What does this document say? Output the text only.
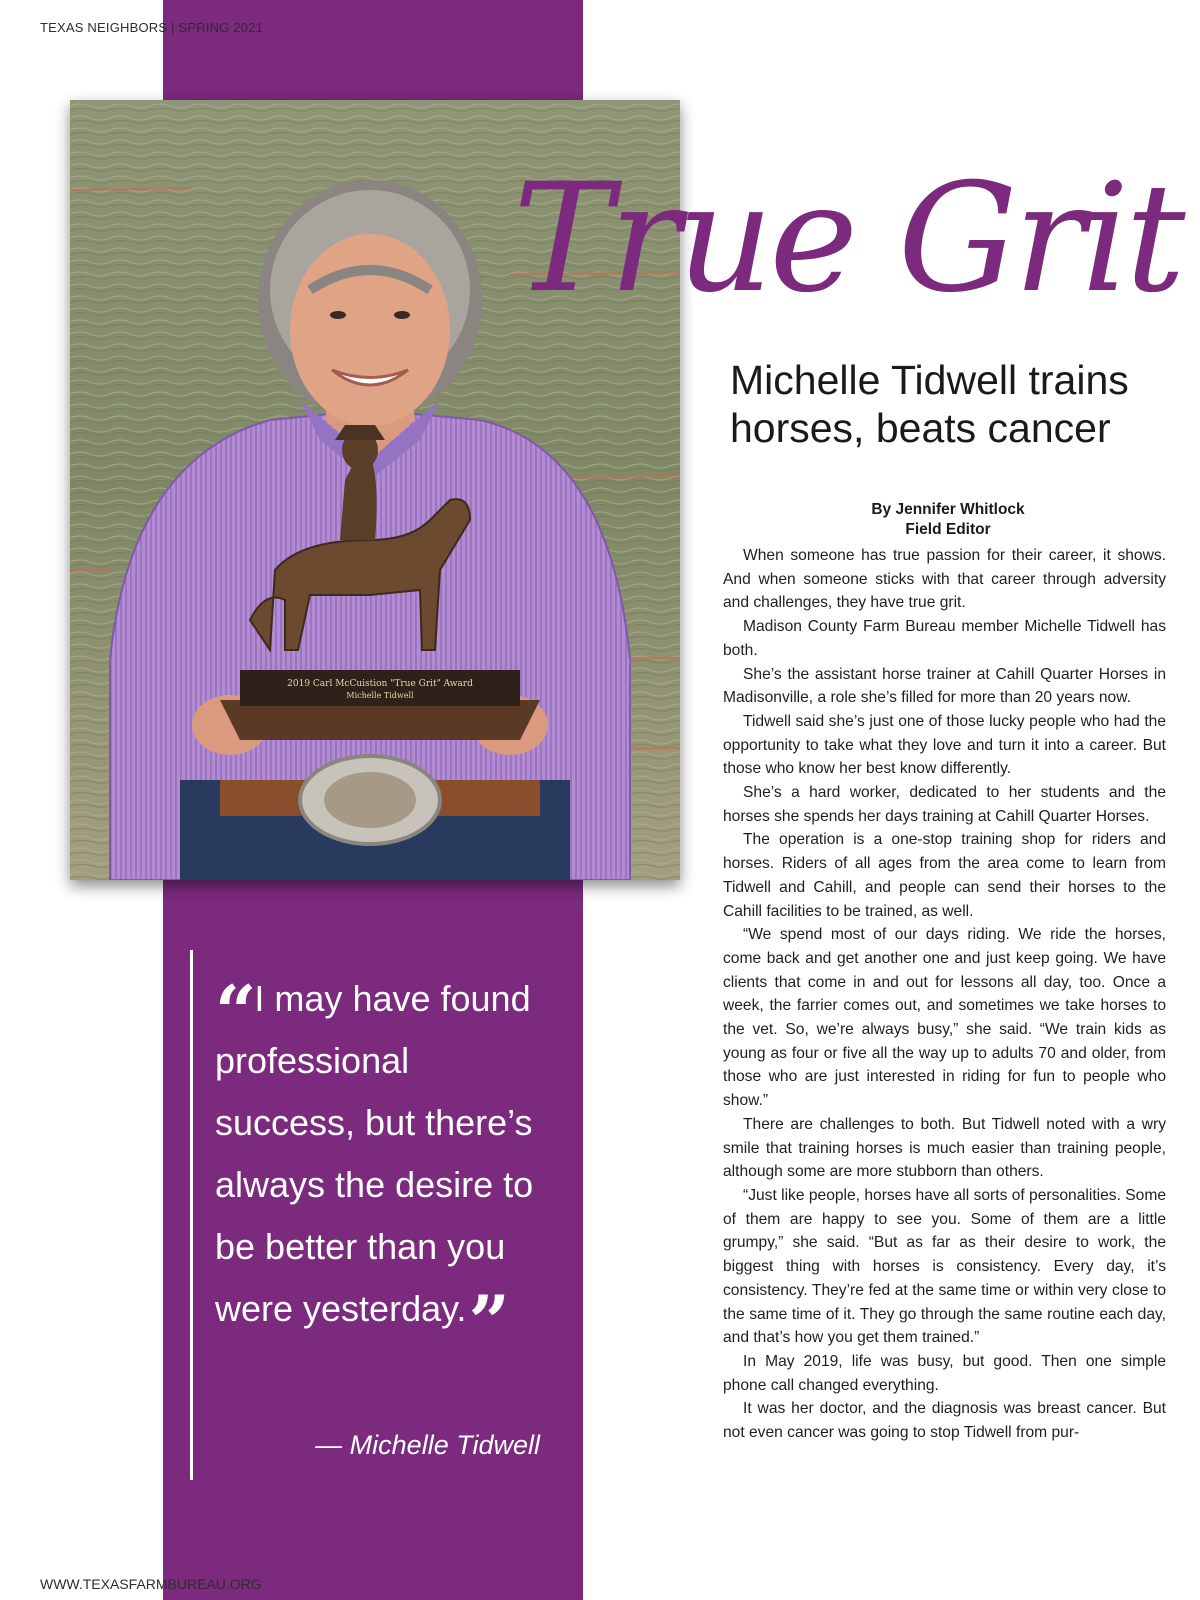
TEXAS NEIGHBORS | SPRING 2021
2019 Carl McCuistion "True Grit" Award
Michelle Tidwell
True Grit
Michelle Tidwell trains
horses, beats cancer
By Jennifer Whitlock
Field Editor

When someone has true passion for their career, it shows. And when someone sticks with that career through adversity and challenges, they have true grit.

Madison County Farm Bureau member Michelle Tidwell has both.

She’s the assistant horse trainer at Cahill Quarter Horses in Madisonville, a role she’s filled for more than 20 years now.

Tidwell said she’s just one of those lucky people who had the opportunity to take what they love and turn it into a career. But those who know her best know differently.

She’s a hard worker, dedicated to her students and the horses she spends her days training at Cahill Quarter Horses.

The operation is a one-stop training shop for riders and horses. Riders of all ages from the area come to learn from Tidwell and Cahill, and people can send their horses to the Cahill facilities to be trained, as well.

“We spend most of our days riding. We ride the horses, come back and get another one and just keep going. We have clients that come in and out for lessons all day, too. Once a week, the farrier comes out, and sometimes we take horses to the vet. So, we’re always busy,” she said. “We train kids as young as four or five all the way up to adults 70 and older, from those who are just interested in riding for fun to people who show.”

There are challenges to both. But Tidwell noted with a wry smile that training horses is much easier than training people, although some are more stubborn than others.

“Just like people, horses have all sorts of personalities. Some of them are happy to see you. Some of them are a little grumpy,” she said. “But as far as their desire to work, the biggest thing with horses is consistency. Every day, it’s consistency. They’re fed at the same time or within very close to the same time of it. They go through the same routine each day, and that’s how you get them trained.”

In May 2019, life was busy, but good. Then one simple phone call changed everything.

It was her doctor, and the diagnosis was breast cancer. But not even cancer was going to stop Tidwell from pur-

“ I may have found professional success, but there’s always the desire to be better than you were yesterday.”
— Michelle Tidwell
WWW.TEXASFARMBUREAU.ORG
